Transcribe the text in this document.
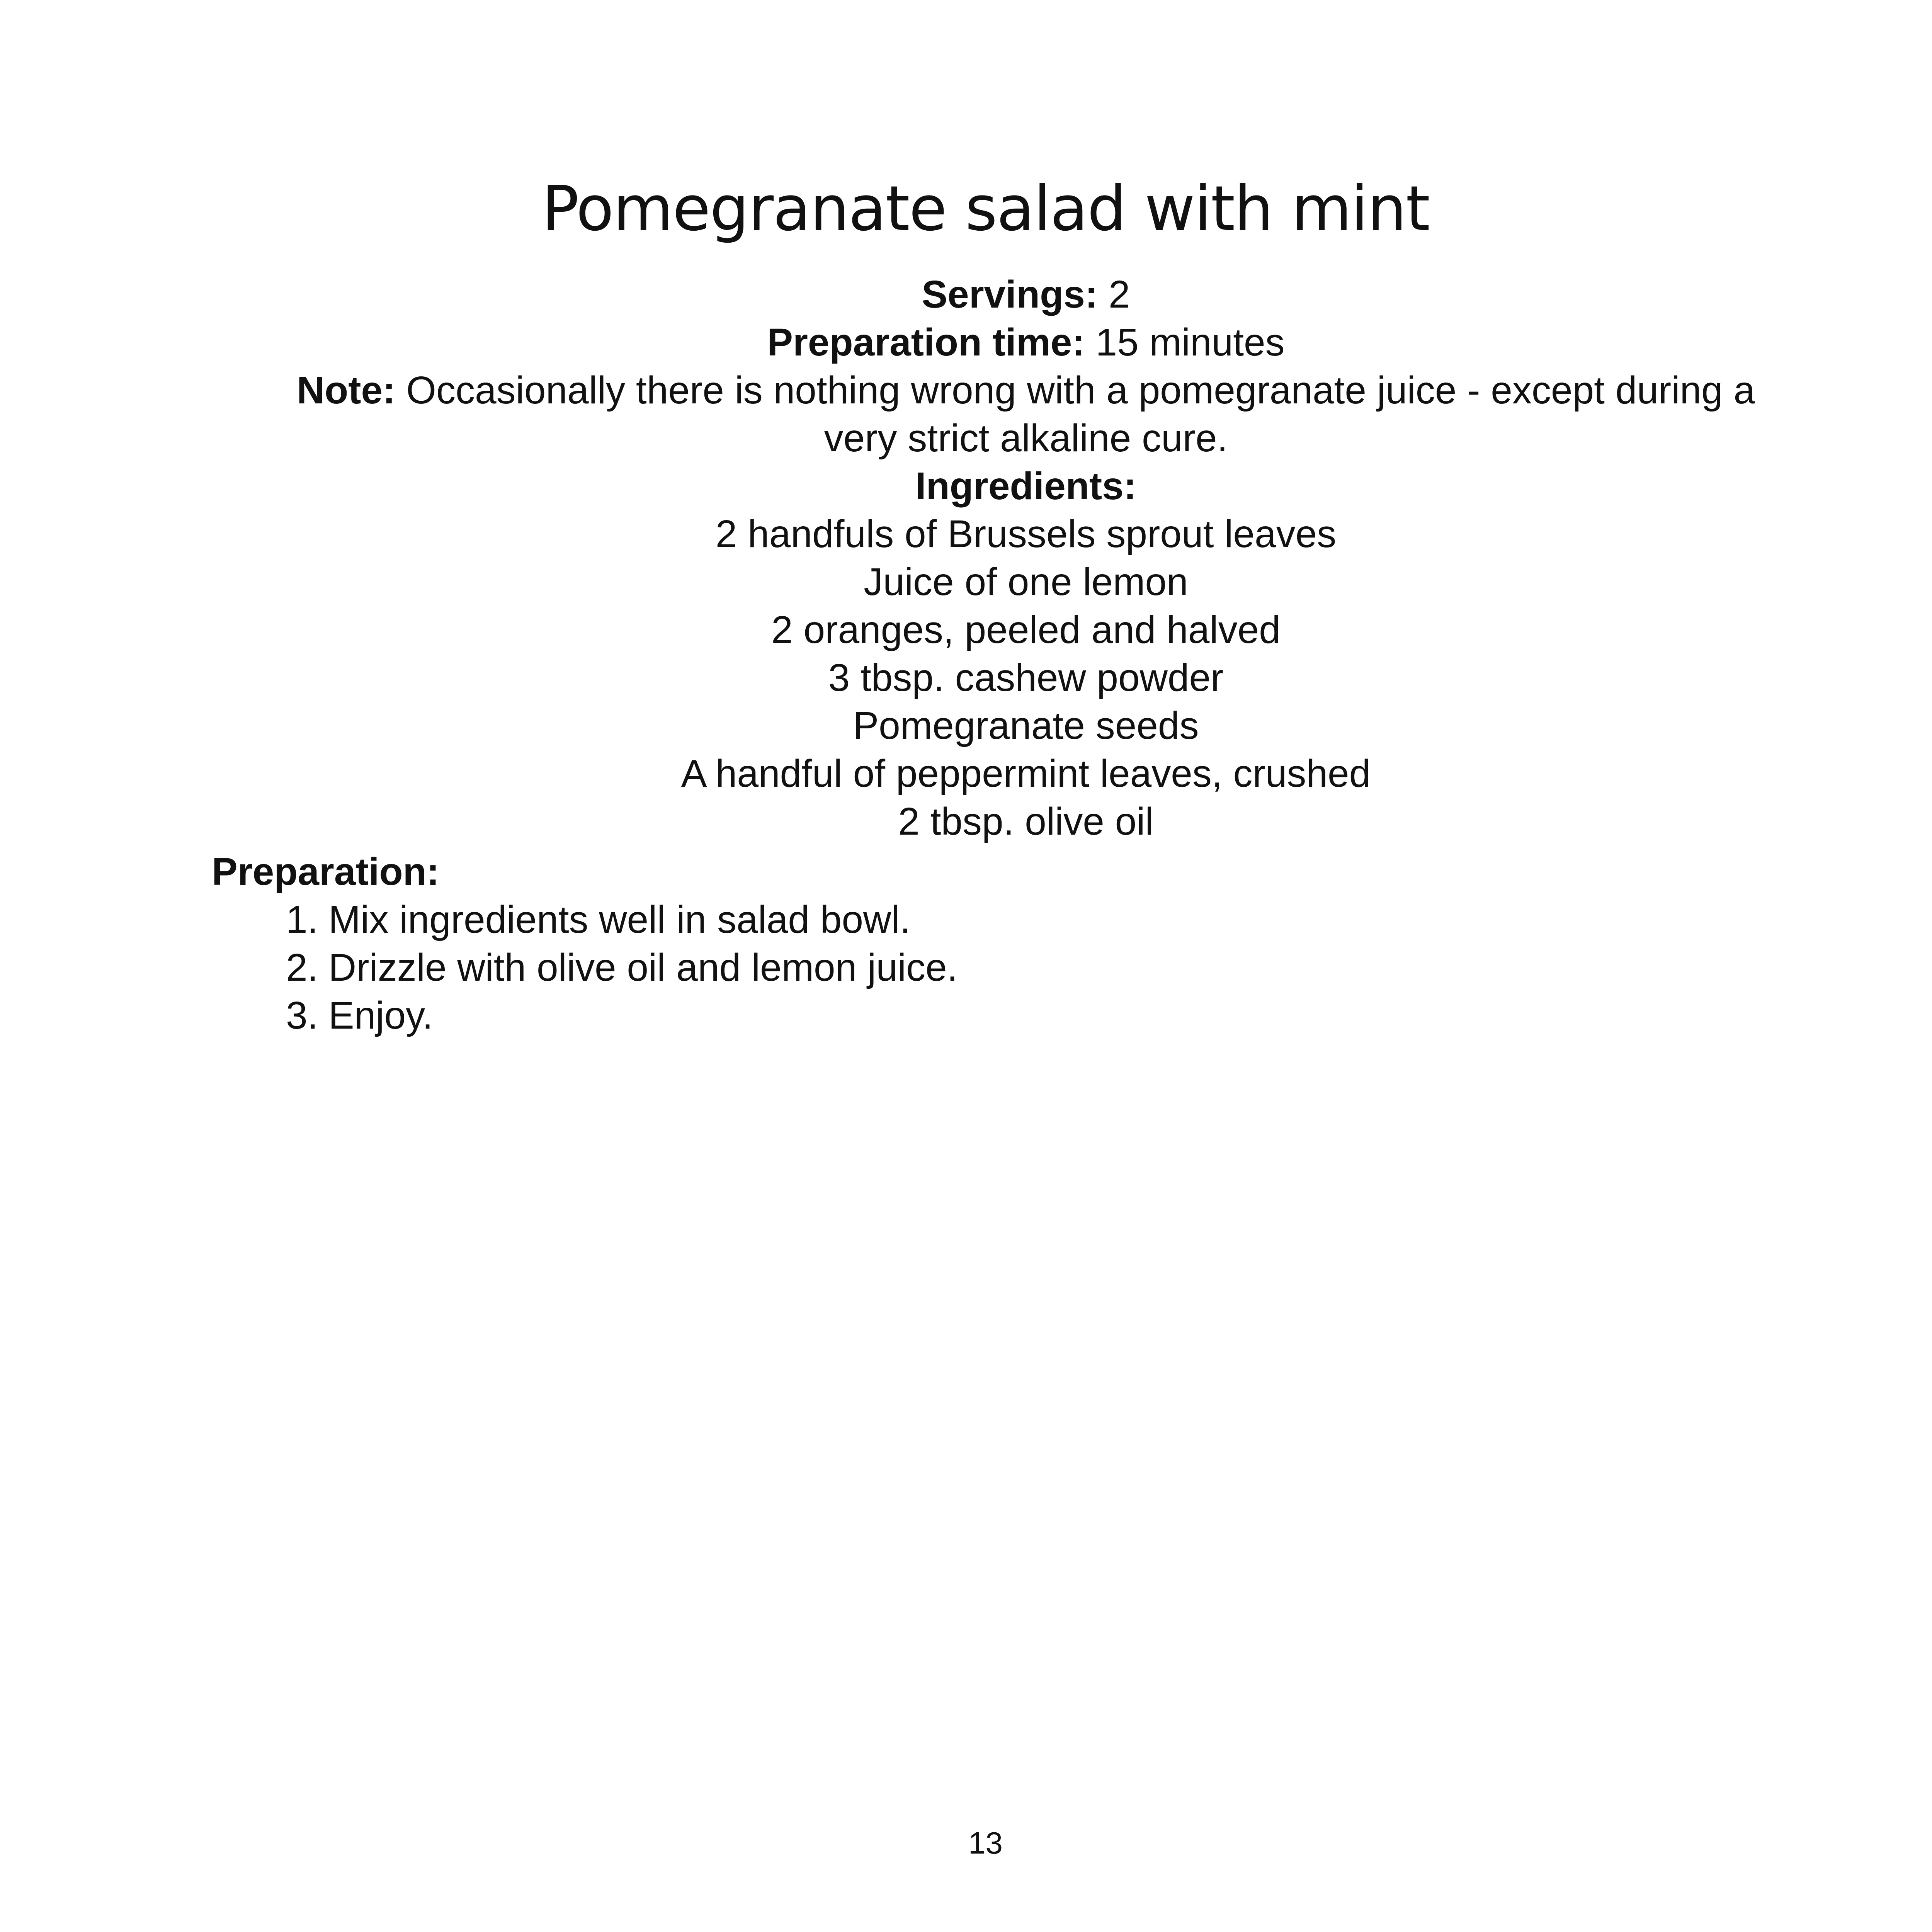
Pomegranate salad with mint

Servings: 2

Preparation time: 15 minutes

Note: Occasionally there is nothing wrong with a pomegranate juice - except during a

very strict alkaline cure.

Ingredients:

2 handfuls of Brussels sprout leaves

Juice of one lemon

2 oranges, peeled and halved

3 tbsp. cashew powder

Pomegranate seeds

A handful of peppermint leaves, crushed

2 tbsp. olive oil

Preparation:
1. Mix ingredients well in salad bowl.
2. Drizzle with olive oil and lemon juice.
3. Enjoy.
13
